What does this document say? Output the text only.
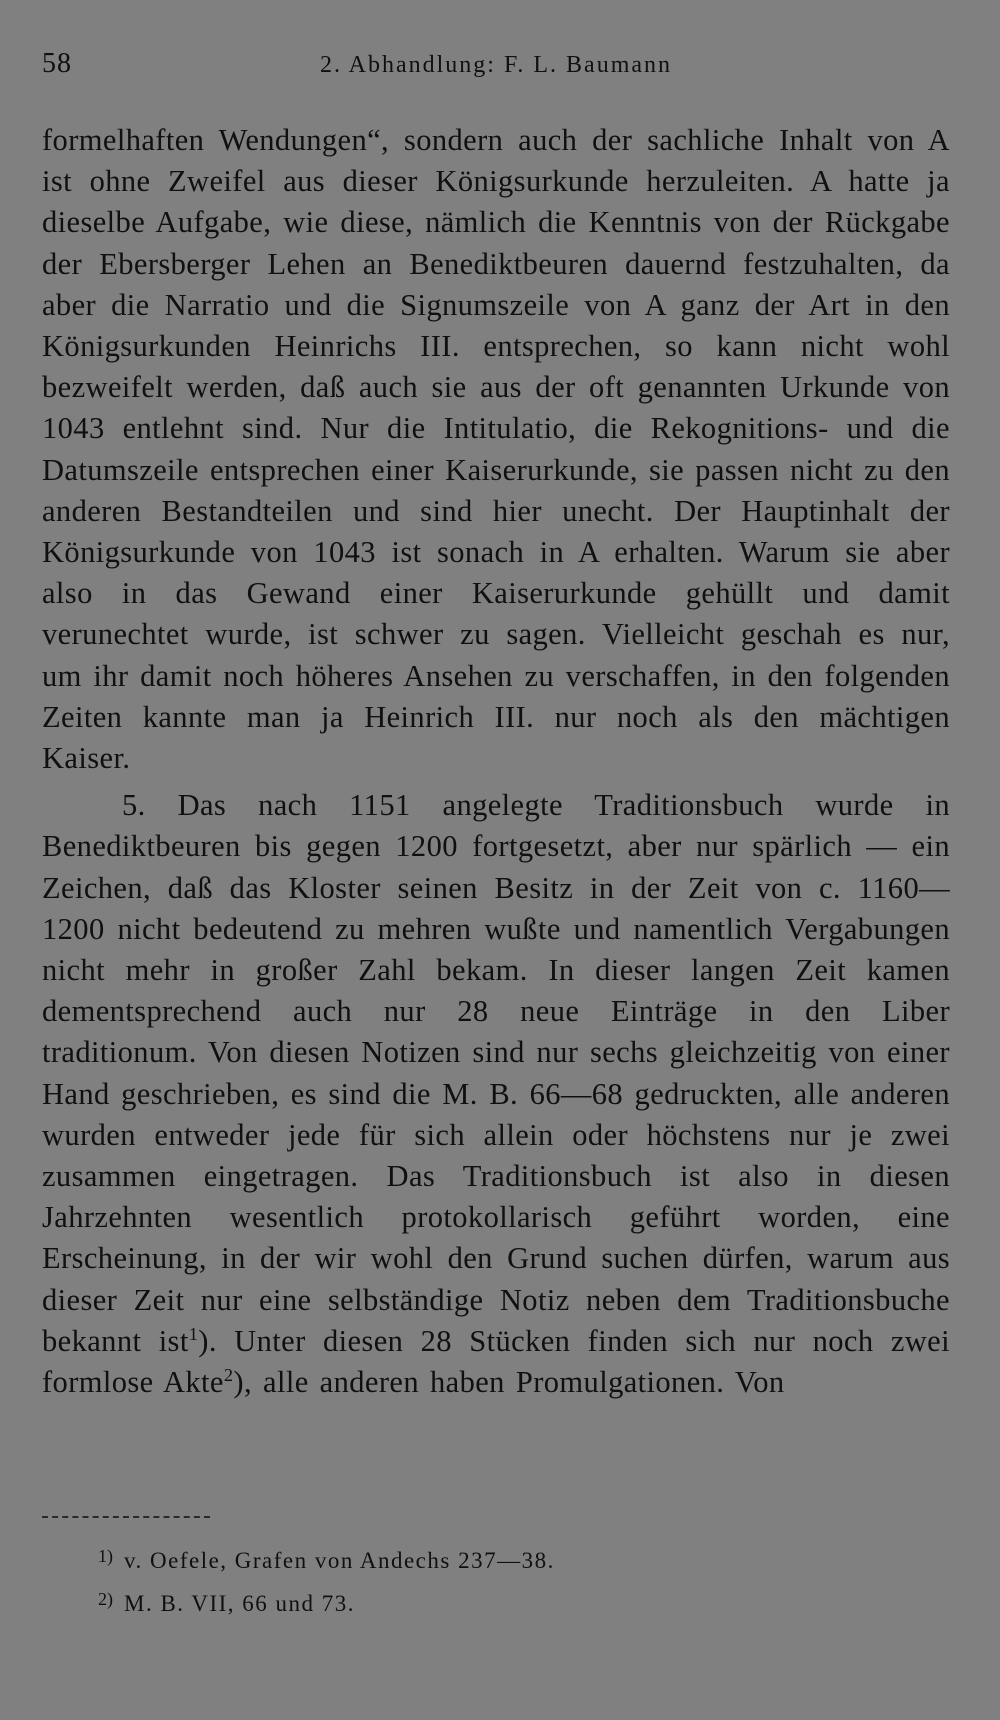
58	2. Abhandlung: F. L. Baumann

formelhaften Wendungen“, sondern auch der sachliche Inhalt von A ist ohne Zweifel aus dieser Königsurkunde herzuleiten. A hatte ja dieselbe Aufgabe, wie diese, nämlich die Kenntnis von der Rückgabe der Ebersberger Lehen an Benediktbeuren dauernd festzuhalten, da aber die Narratio und die Signumszeile von A ganz der Art in den Königsurkunden Heinrichs III. entsprechen, so kann nicht wohl bezweifelt werden, daß auch sie aus der oft genannten Urkunde von 1043 entlehnt sind. Nur die Intitulatio, die Rekognitions- und die Datumszeile entsprechen einer Kaiserurkunde, sie passen nicht zu den anderen Bestandteilen und sind hier unecht. Der Hauptinhalt der Königsurkunde von 1043 ist sonach in A erhalten. Warum sie aber also in das Gewand einer Kaiserurkunde gehüllt und damit verunechtet wurde, ist schwer zu sagen. Vielleicht geschah es nur, um ihr damit noch höheres Ansehen zu verschaffen, in den folgenden Zeiten kannte man ja Heinrich III. nur noch als den mächtigen Kaiser.

5. Das nach 1151 angelegte Traditionsbuch wurde in Benediktbeuren bis gegen 1200 fortgesetzt, aber nur spärlich — ein Zeichen, daß das Kloster seinen Besitz in der Zeit von c. 1160—1200 nicht bedeutend zu mehren wußte und namentlich Vergabungen nicht mehr in großer Zahl bekam. In dieser langen Zeit kamen dementsprechend auch nur 28 neue Einträge in den Liber traditionum. Von diesen Notizen sind nur sechs gleichzeitig von einer Hand geschrieben, es sind die M. B. 66—68 gedruckten, alle anderen wurden entweder jede für sich allein oder höchstens nur je zwei zusammen eingetragen. Das Traditionsbuch ist also in diesen Jahrzehnten wesentlich protokollarisch geführt worden, eine Erscheinung, in der wir wohl den Grund suchen dürfen, warum aus dieser Zeit nur eine selbständige Notiz neben dem Traditionsbuche bekannt ist$^1$). Unter diesen 28 Stücken finden sich nur noch zwei formlose Akte$^2$), alle anderen haben Promulgationen. Von

1) v. Oefele, Grafen von Andechs 237—38.
2) M. B. VII, 66 und 73.
